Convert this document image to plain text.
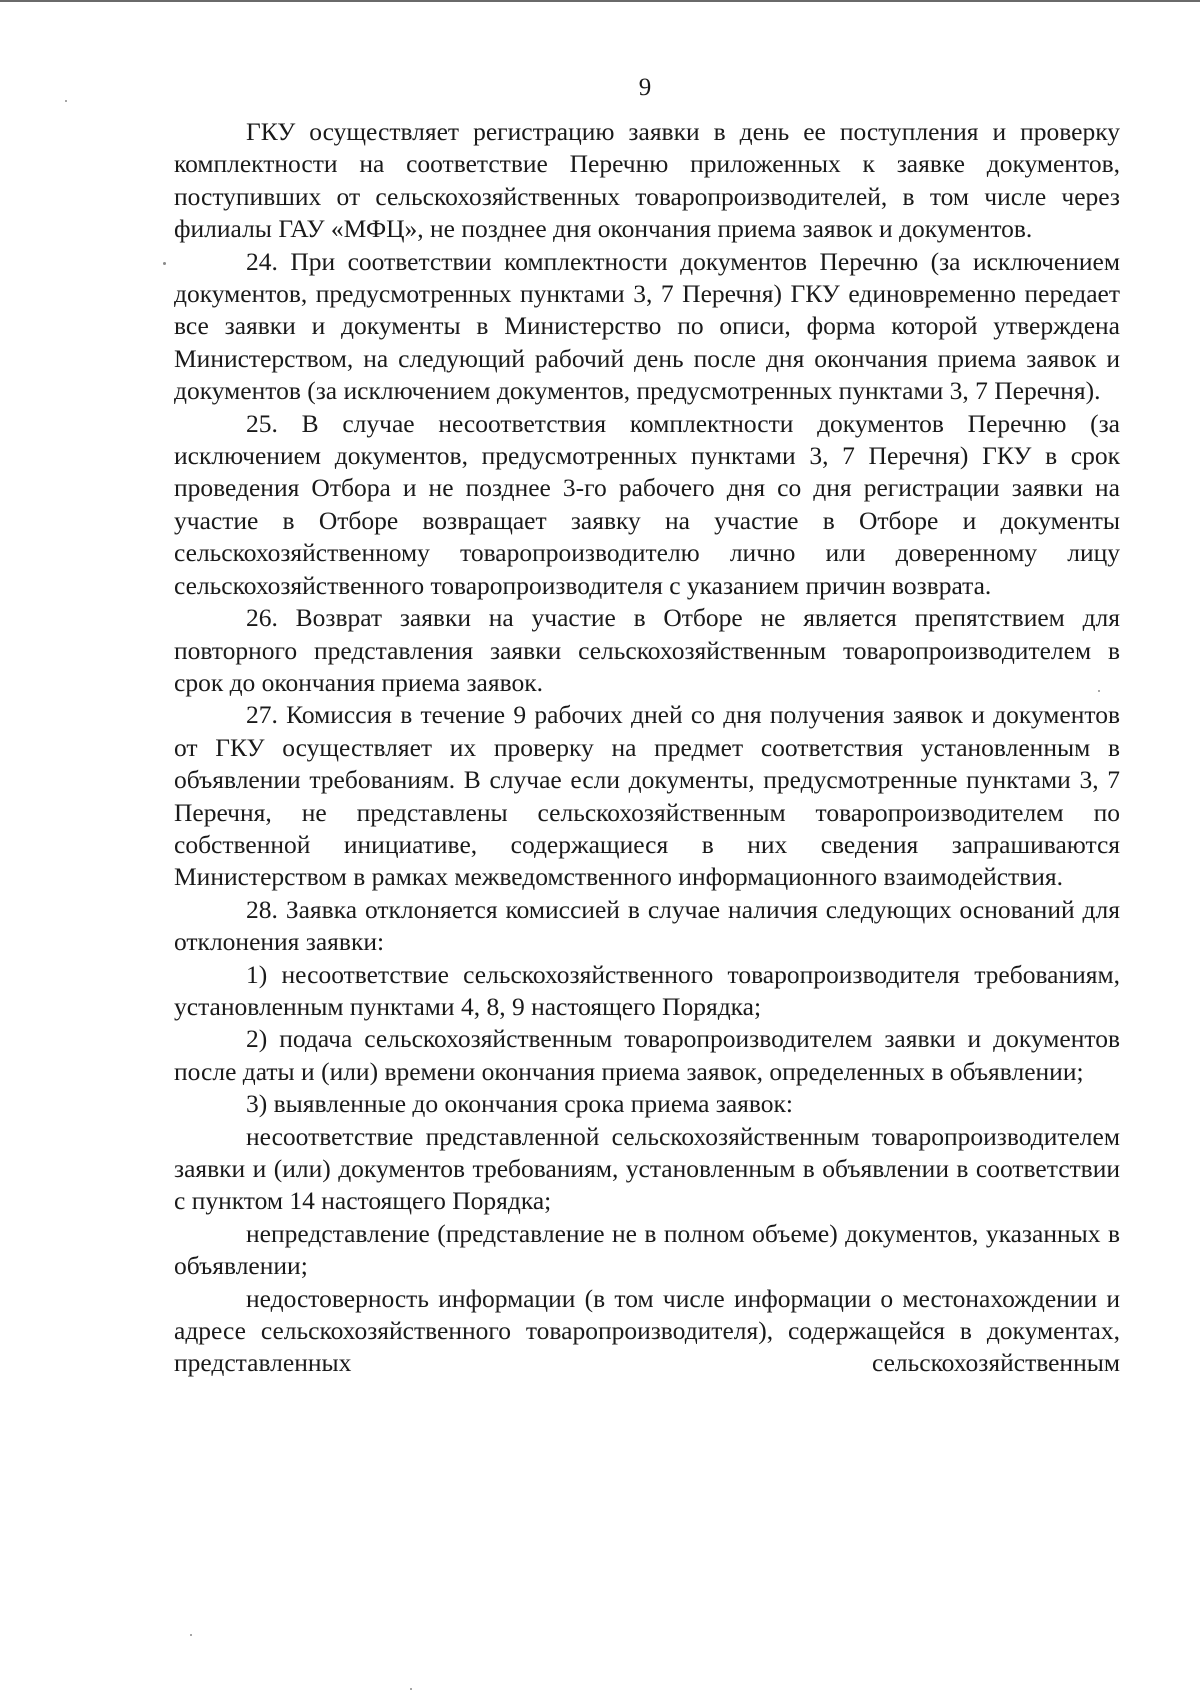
9

ГКУ осуществляет регистрацию заявки в день ее поступления и проверку комплектности на соответствие Перечню приложенных к заявке документов, поступивших от сельскохозяйственных товаропроизводителей, в том числе через филиалы ГАУ «МФЦ», не позднее дня окончания приема заявок и документов.

24. При соответствии комплектности документов Перечню (за исключением документов, предусмотренных пунктами 3, 7 Перечня) ГКУ единовременно передает все заявки и документы в Министерство по описи, форма которой утверждена Министерством, на следующий рабочий день после дня окончания приема заявок и документов (за исключением документов, предусмотренных пунктами 3, 7 Перечня).

25. В случае несоответствия комплектности документов Перечню (за исключением документов, предусмотренных пунктами 3, 7 Перечня) ГКУ в срок проведения Отбора и не позднее 3-го рабочего дня со дня регистрации заявки на участие в Отборе возвращает заявку на участие в Отборе и документы сельскохозяйственному товаропроизводителю лично или доверенному лицу сельскохозяйственного товаропроизводителя с указанием причин возврата.

26. Возврат заявки на участие в Отборе не является препятствием для повторного представления заявки сельскохозяйственным товаропроизводителем в срок до окончания приема заявок.

27. Комиссия в течение 9 рабочих дней со дня получения заявок и документов от ГКУ осуществляет их проверку на предмет соответствия установленным в объявлении требованиям. В случае если документы, предусмотренные пунктами 3, 7 Перечня, не представлены сельскохозяйственным товаропроизводителем по собственной инициативе, содержащиеся в них сведения запрашиваются Министерством в рамках межведомственного информационного взаимодействия.

28. Заявка отклоняется комиссией в случае наличия следующих оснований для отклонения заявки:

1) несоответствие сельскохозяйственного товаропроизводителя требованиям, установленным пунктами 4, 8, 9 настоящего Порядка;

2) подача сельскохозяйственным товаропроизводителем заявки и документов после даты и (или) времени окончания приема заявок, определенных в объявлении;

3) выявленные до окончания срока приема заявок:

несоответствие представленной сельскохозяйственным товаропроизводителем заявки и (или) документов требованиям, установленным в объявлении в соответствии с пунктом 14 настоящего Порядка;

непредставление (представление не в полном объеме) документов, указанных в объявлении;

недостоверность информации (в том числе информации о местонахождении и адресе сельскохозяйственного товаропроизводителя), содержащейся в документах, представленных сельскохозяйственным
